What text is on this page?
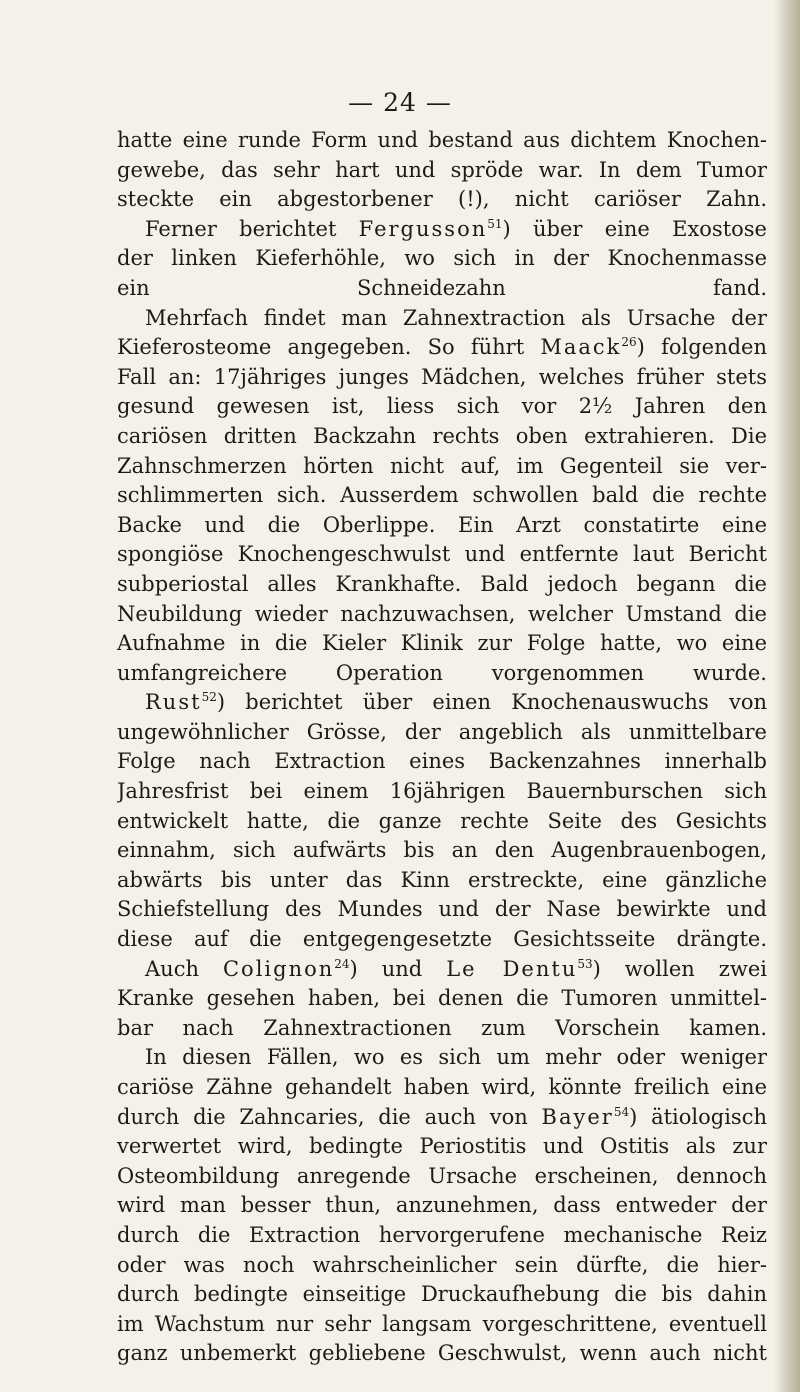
— 24 —
hatte eine runde Form und bestand aus dichtem Knochen-
gewebe, das sehr hart und spröde war. In dem Tumor
steckte ein abgestorbener (!), nicht cariöser Zahn.
Ferner berichtet Fergusson$^{51}$) über eine Exostose
der linken Kieferhöhle, wo sich in der Knochenmasse
ein Schneidezahn fand.
Mehrfach findet man Zahnextraction als Ursache der
Kieferosteome angegeben. So führt Maack$^{26}$) folgenden
Fall an: 17jähriges junges Mädchen, welches früher stets
gesund gewesen ist, liess sich vor 2½ Jahren den
cariösen dritten Backzahn rechts oben extrahieren. Die
Zahnschmerzen hörten nicht auf, im Gegenteil sie ver-
schlimmerten sich. Ausserdem schwollen bald die rechte
Backe und die Oberlippe. Ein Arzt constatirte eine
spongiöse Knochengeschwulst und entfernte laut Bericht
subperiostal alles Krankhafte. Bald jedoch begann die
Neubildung wieder nachzuwachsen, welcher Umstand die
Aufnahme in die Kieler Klinik zur Folge hatte, wo eine
umfangreichere Operation vorgenommen wurde.
Rust$^{52}$) berichtet über einen Knochenauswuchs von
ungewöhnlicher Grösse, der angeblich als unmittelbare
Folge nach Extraction eines Backenzahnes innerhalb
Jahresfrist bei einem 16jährigen Bauernburschen sich
entwickelt hatte, die ganze rechte Seite des Gesichts
einnahm, sich aufwärts bis an den Augenbrauenbogen,
abwärts bis unter das Kinn erstreckte, eine gänzliche
Schiefstellung des Mundes und der Nase bewirkte und
diese auf die entgegengesetzte Gesichtsseite drängte.
Auch Colignon$^{24}$) und Le Dentu$^{53}$) wollen zwei
Kranke gesehen haben, bei denen die Tumoren unmittel-
bar nach Zahnextractionen zum Vorschein kamen.
In diesen Fällen, wo es sich um mehr oder weniger
cariöse Zähne gehandelt haben wird, könnte freilich eine
durch die Zahncaries, die auch von Bayer$^{54}$) ätiologisch
verwertet wird, bedingte Periostitis und Ostitis als zur
Osteombildung anregende Ursache erscheinen, dennoch
wird man besser thun, anzunehmen, dass entweder der
durch die Extraction hervorgerufene mechanische Reiz
oder was noch wahrscheinlicher sein dürfte, die hier-
durch bedingte einseitige Druckaufhebung die bis dahin
im Wachstum nur sehr langsam vorgeschrittene, eventuell
ganz unbemerkt gebliebene Geschwulst, wenn auch nicht
